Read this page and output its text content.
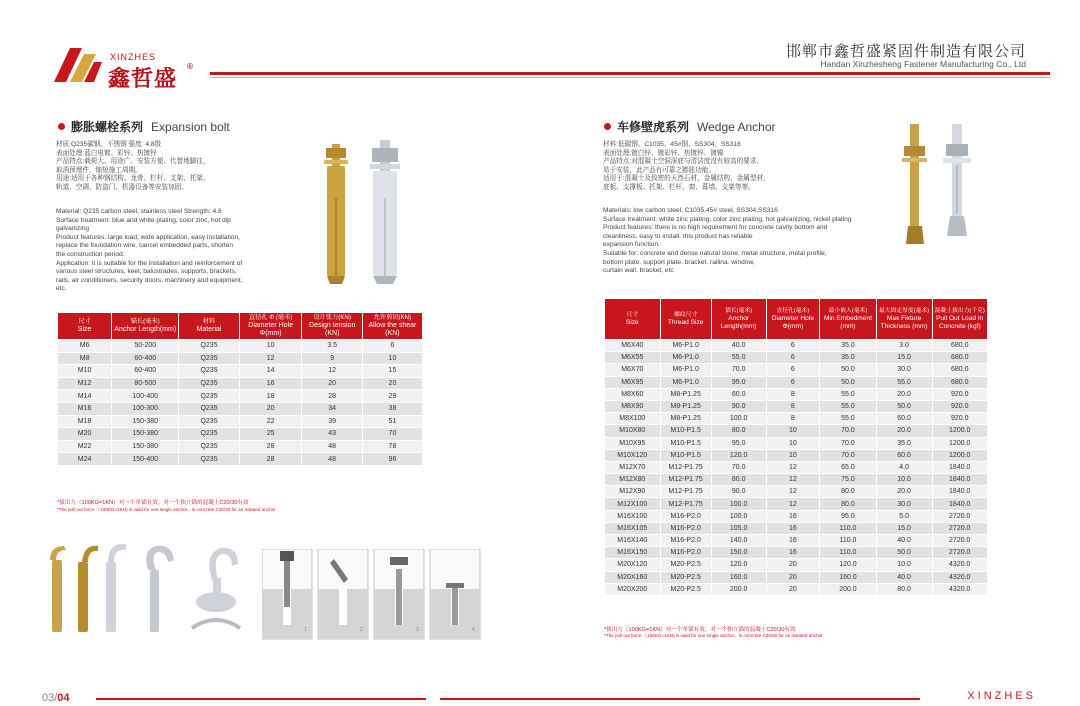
XINZHES
鑫哲盛
®
邯郸市鑫哲盛紧固件制造有限公司
Handan Xinzhesheng Fastener Manufacturing Co., Ltd
膨胀螺栓系列 Expansion bolt
材质:Q235碳钢、不锈钢 强度: 4.8级
表面处理:蓝白电镀、彩锌、热镀锌
产品特点:载荷大、用途广、安装方便、代替地脚往，
取消预埋件，缩短施工周期。
用途:适用于各种钢结构、龙骨、栏杆、支架、托架、
轨道、空调、防盗门、机器设备等安装加固。
Material: Q235 carbon steel, stainless steel Strength: 4.8
Surface treatment: blue and white plating, color zinc, hot dip
galvanizing
Product features: large load, wide application, easy installation,
replace the foundation wire, cancel embedded parts, shorten
the construction period.
Application: it is suitable for the installation and reinforcement of
various steel structures, keel, balustrades, supports, brackets,
rails, air conditioners, security doors, machinery and equipment,
etc.
尺寸
Size	锚长(毫米)
Anchor Length(mm)	材料
Material	直径孔 Φ (毫米)
Diameter Hole Φ(mm)	设计张力(KN)
Design tension (KN)	允许剪切(KN)
Allow the shear (KN)
M6	50-200	Q235	10	3.5	6
M8	60-400	Q235	12	9	10
M10	60-400	Q235	14	12	15
M12	80-500	Q235	16	20	20
M14	100-400	Q235	18	28	29
M16	100-300	Q235	20	34	38
M18	150-380	Q235	22	39	51
M20	150-380	Q235	25	43	70
M22	150-380	Q235	28	48	78
M24	150-400	Q235	28	48	96
*拔出力（100KG=1KN）对一个单锚有效。对一个独立锚的混凝土C20/30有效
*The pull out force （100KG=1KN) is valid for one single anchor。in concrete C20/30 for an isolated anchor
1	2	3	4
车修壁虎系列 Wedge Anchor
材料:低碳钢、C1035、45#钢、SS304、SS316
表面处理:镀白锌、镀彩锌、热镀锌、镀镍
产品特点:对混凝土空洞深底与清洁度没有较高的要求,
易于安装，此产品有可靠之膨胀功能。
适用于:混凝土及致密的天然石材，金属结构，金属型材，
底板、支撑板、托架、栏杆、窗、幕墙、支架等等。
Materials: low carbon steel, C1035,45# steel, SS304,SS316
Surface treatment: white zinc plating, color zinc plating, hot galvanizing, nickel plating
Product features: there is no high requirement for concrete cavity bottom and
cleanliness. easy to install. this product has reliable
expansion function.
Suitable for: concrete and dense natural stone. metal structure, metal profile,
bottom plate. support plate. bracket. railina. window,
curtain wall. bracket, etc
尺寸
Size	螺纹尺寸
Thread Size	锚长(毫米)
Anchor Length(mm)	直径孔(毫米)
Diameter Hole Φ(mm)	最小嵌入(毫米)
Min Embedment (mm)	最大固定厚度(毫米)
Max Fixture Thickness (mm)	混凝土拔出力(千克)
Pull Out Load In Concrete (kgf)
M6X40	M6-P1.0	40.0	6	35.0	3.0	680.0
M6X55	M6-P1.0	55.0	6	35.0	15.0	680.0
M6X70	M6-P1.0	70.0	6	50.0	30.0	680.0
M6X95	M6-P1.0	95.0	6	50.0	55.0	680.0
M8X60	M8-P1.25	60.0	8	55.0	20.0	920.0
M8X90	M8-P1.25	90.0	8	55.0	50.0	920.0
M8X100	M8-P1.25	100.0	8	55.0	60.0	920.0
M10X80	M10-P1.5	80.0	10	70.0	20.0	1200.0
M10X95	M10-P1.5	95.0	10	70.0	35.0	1200.0
M10X120	M10-P1.5	120.0	10	70.0	60.0	1200.0
M12X70	M12-P1.75	70.0	12	65.0	4.0	1840.0
M12X80	M12-P1.75	80.0	12	75.0	10.0	1840.0
M12X90	M12-P1.75	90.0	12	80.0	20.0	1840.0
M12X100	M12-P1.75	100.0	12	80.0	30.0	1840.0
M16X100	M16-P2.0	100.0	16	95.0	5.0	2720.0
M16X105	M16-P2.0	105.0	16	110.0	15.0	2720.0
M16X140	M16-P2.0	140.0	16	110.0	40.0	2720.0
M16X150	M16-P2.0	150.0	16	110.0	50.0	2720.0
M20X120	M20-P2.5	120.0	20	120.0	10.0	4320.0
M20X160	M20-P2.5	160.0	20	160.0	40.0	4320.0
M20X200	M20-P2.5	200.0	20	200.0	80.0	4320.0
*拔出力（100KG=1KN）对一个单锚有效。对一个独立锚的混凝土C20/30有效
*The pull out force （100KG=1KN) is valid for one single anchor。in concrete C20/30 for an isolated anchor
03/04	XINZHES
